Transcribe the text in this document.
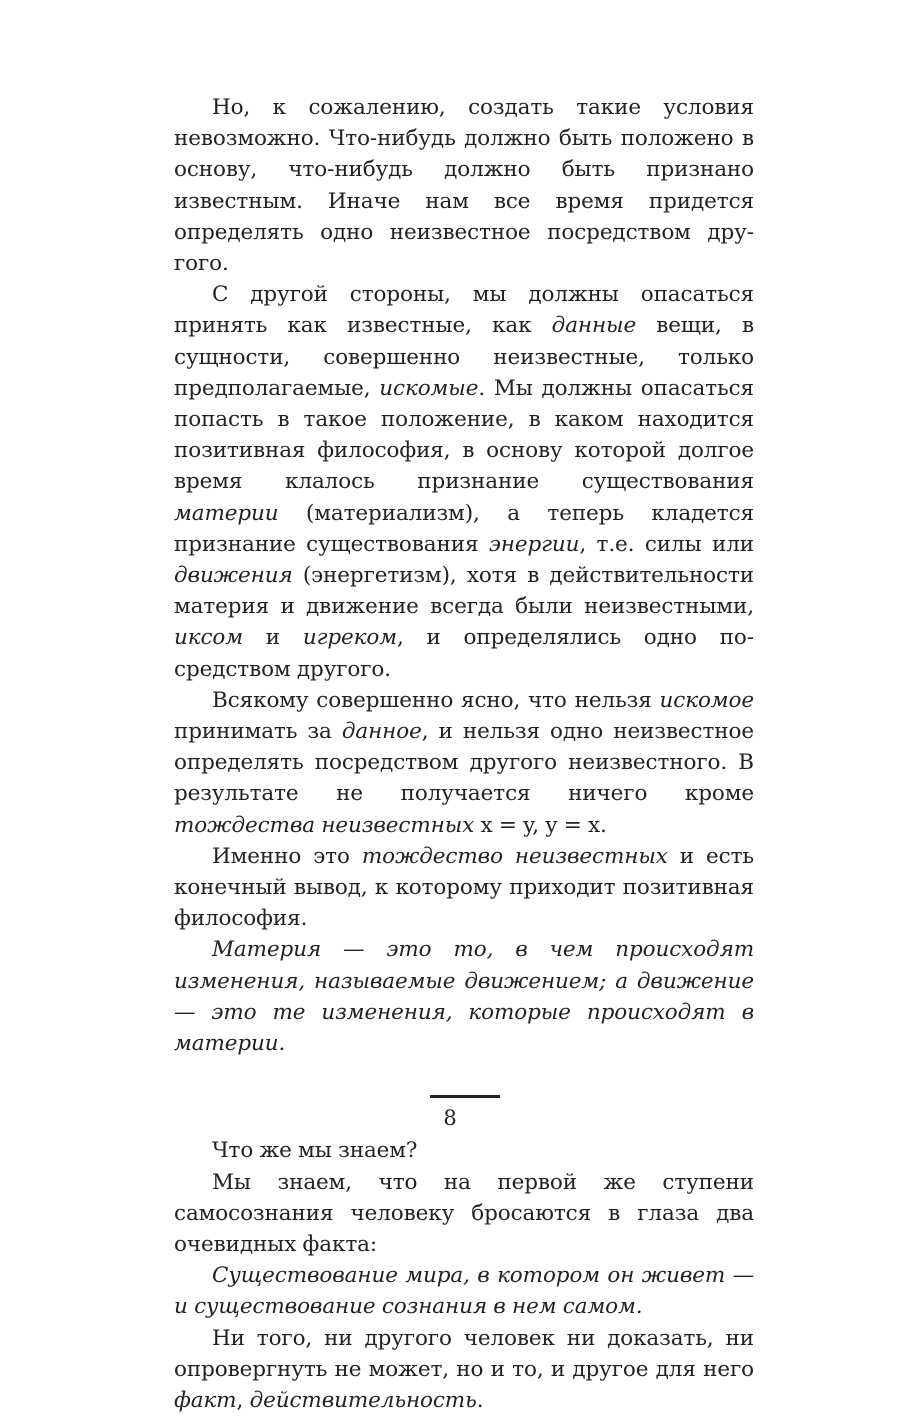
Но, к сожалению, создать такие условия невозможно. Что-нибудь должно быть положено в основу, что-нибудь должно быть признано известным. Иначе нам все время придется определять одно неизвестное посредством другого.

С другой стороны, мы должны опасаться принять как известные, как данные вещи, в сущности, совершенно неизвестные, только предполагаемые, искомые. Мы должны опасаться попасть в такое положение, в каком находится позитивная философия, в основу которой долгое время клалось признание существования материи (материализм), а теперь кладется признание существования энергии, т.е. силы или движения (энергетизм), хотя в действительности материя и движение всегда были неизвестными, иксом и игреком, и определялись одно посредством другого.

Всякому совершенно ясно, что нельзя искомое принимать за данное, и нельзя одно неизвестное определять посредством другого неизвестного. В результате не получается ничего кроме тождества неизвестных x = y, y = x.

Именно это тождество неизвестных и есть конечный вывод, к которому приходит позитивная философия.

Материя — это то, в чем происходят изменения, называемые движением; а движение — это те изменения, которые происходят в материи.

Что же мы знаем?

Мы знаем, что на первой же ступени самосознания человеку бросаются в глаза два очевидных факта:

Существование мира, в котором он живет — и существование сознания в нем самом.

Ни того, ни другого человек ни доказать, ни опровергнуть не может, но и то, и другое для него факт, действительность.

8
